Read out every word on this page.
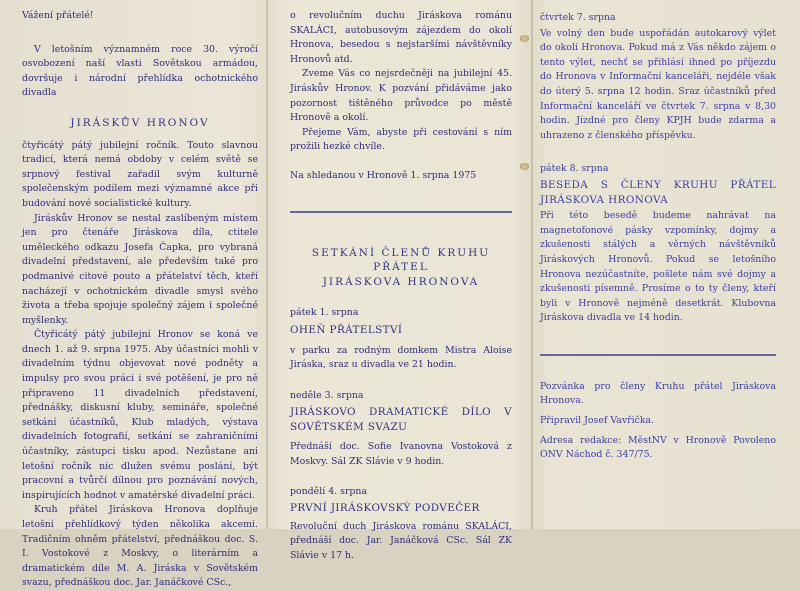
Vážení přátelé!

V letošním významném roce 30. výročí osvobození naší vlasti Sovětskou armádou, dovršuje i národní přehlídka ochotnického divadla

JIRÁSKŮV HRONOV

čtyřicátý pátý jubilejní ročník. Touto slavnou tradicí, která nemá obdoby v celém světě se srpnový festival zařadil svým kulturně společenským podílem mezi významné akce při budování nové socialistické kultury.

Jiráskův Hronov se nestal zaslíbeným místem jen pro čtenáře Jiráskova díla, ctitele uměleckého odkazu Josefa Čapka, pro vybraná divadelní představení, ale především také pro podmanivé citové pouto a přátelství těch, kteří nacházejí v ochotnickém divadle smysl svého života a třeba spojuje společný zájem i společné myšlenky.

Čtyřicátý pátý jubilejní Hronov se koná ve dnech 1. až 9. srpna 1975. Aby účastníci mohli v divadelním týdnu objevovat nové podněty a impulsy pro svou práci i své potěšení, je pro ně připraveno 11 divadelních představení, přednášky, diskusní kluby, semináře, společné setkání účastníků, Klub mladých, výstava divadelních fotografií, setkání se zahraničními účastníky, zástupci tisku apod. Nezůstane ani letošní ročník nic dlužen svému poslání, být pracovní a tvůrčí dílnou pro poznávání nových, inspirujících hodnot v amatérské divadelní práci.

Kruh přátel Jiráskova Hronova doplňuje letošní přehlídkový týden několika akcemi. Tradičním ohněm přátelství, přednáškou doc. S. I. Vostokové z Moskvy, o literárním a dramatickém díle M. A. Jiráska v Sovětském svazu, přednáškou doc. Jar. Janáčkové CSc.,

o revolučním duchu Jiráskova románu SKALÁCI, autobusovým zájezdem do okolí Hronova, besedou s nejstaršími návštěvníky Hronovů atd.

Zveme Vás co nejsrdečněji na jubilejní 45. Jiráskův Hronov. K pozvání přidáváme jako pozornost tištěného průvodce po městě Hronově a okolí.

Přejeme Vám, abyste při cestování s ním prožili hezké chvíle.

Na shledanou v Hronově 1. srpna 1975

SETKÁNÍ ČLENŮ KRUHU PŘÁTEL

JIRÁSKOVA HRONOVA

pátek 1. srpna

OHEŇ PŘÁTELSTVÍ

v parku za rodným domkem Mistra Aloise Jiráska, sraz u divadla ve 21 hodin.

neděle 3. srpna

JIRÁSKOVO DRAMATICKÉ DÍLO V SOVĚTSKÉM SVAZU

Přednáší doc. Sofie Ivanovna Vostoková z Moskvy. Sál ZK Slávie v 9 hodin.

pondělí 4. srpna

PRVNÍ JIRÁSKOVSKÝ PODVEČER

Revoluční duch Jiráskova románu SKALÁCI, přednáší doc. Jar. Janáčková CSc. Sál ZK Slávie v 17 h.

čtvrtek 7. srpna

Ve volný den bude uspořádán autokarový výlet do okolí Hronova. Pokud má z Vás někdo zájem o tento výlet, nechť se přihlásí ihned po příjezdu do Hronova v Informační kanceláři, nejdéle však do úterý 5. srpna 12 hodin. Sraz účastníků před Informační kanceláří ve čtvrtek 7. srpna v 8,30 hodin. Jízdné pro členy KPJH bude zdarma a uhrazeno z členského příspěvku.

pátek 8. srpna

BESEDA S ČLENY KRUHU PŘÁTEL JIRÁSKOVA HRONOVA

Při této besedě budeme nahrávat na magnetofonové pásky vzpomínky, dojmy a zkušenosti stálých a věrných návštěvníků Jiráskových Hronovů. Pokud se letošního Hronova nezúčastníte, pošlete nám své dojmy a zkušenosti písemně. Prosíme o to ty členy, kteří byli v Hronově nejméně desetkrát. Klubovna Jiráskova divadla ve 14 hodin.

Pozvánka pro členy Kruhu přátel Jiráskova Hronova.

Připravil Josef Vavřička.

Adresa redakce: MěstNV v Hronově Povoleno ONV Náchod č. 347/75.
